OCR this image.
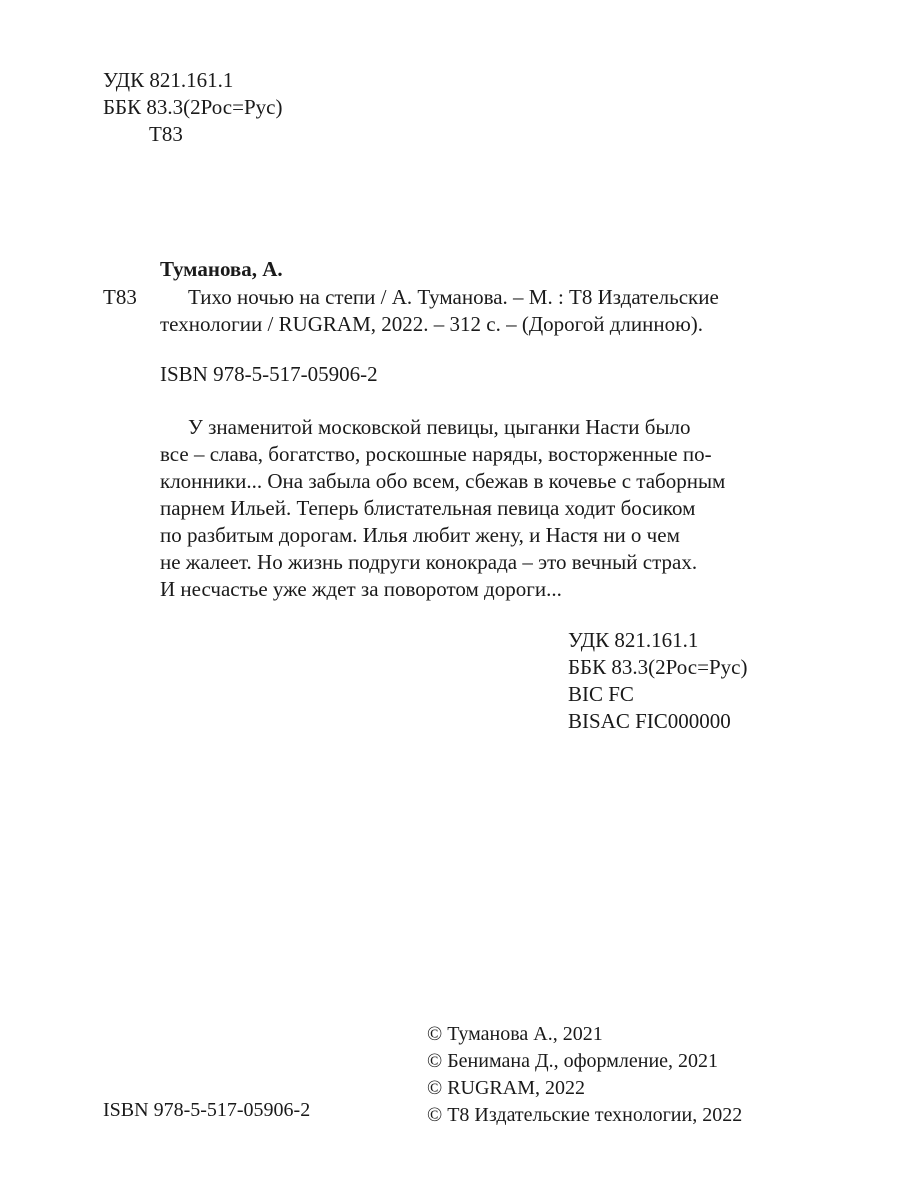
УДК 821.161.1
ББК 83.3(2Рос=Рус)
Т83
Туманова, А.
Т83	Тихо ночью на степи / А. Туманова. – М. : Т8 Издательские
технологии / RUGRAM, 2022. – 312 с. – (Дорогой длинною).
ISBN 978-5-517-05906-2
У знаменитой московской певицы, цыганки Насти было
все – слава, богатство, роскошные наряды, восторженные по-
клонники... Она забыла обо всем, сбежав в кочевье с таборным
парнем Ильей. Теперь блистательная певица ходит босиком
по разбитым дорогам. Илья любит жену, и Настя ни о чем
не жалеет. Но жизнь подруги конокрада – это вечный страх.
И несчастье уже ждет за поворотом дороги...
УДК 821.161.1
ББК 83.3(2Рос=Рус)
BIC FC
BISAC FIC000000
© Туманова А., 2021
© Бенимана Д., оформление, 2021
© RUGRAM, 2022
© Т8 Издательские технологии, 2022
ISBN 978-5-517-05906-2
